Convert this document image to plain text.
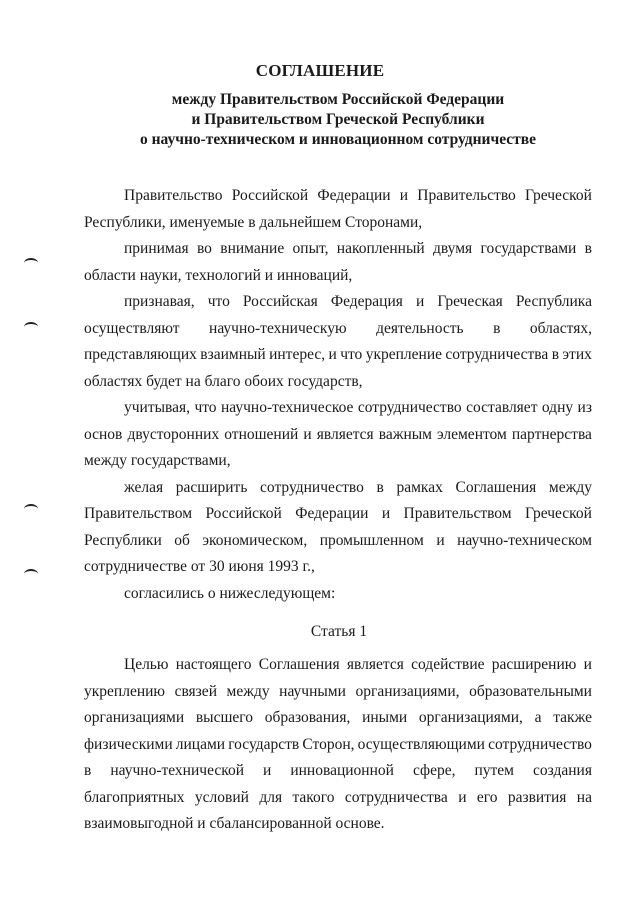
СОГЛАШЕНИЕ
между Правительством Российской Федерации
и Правительством Греческой Республики
о научно-техническом и инновационном сотрудничестве
Правительство Российской Федерации и Правительство Греческой
Республики, именуемые в дальнейшем Сторонами,
принимая во внимание опыт, накопленный двумя государствами в
области науки, технологий и инноваций,
признавая, что Российская Федерация и Греческая Республика
осуществляют научно-техническую деятельность в областях,
представляющих взаимный интерес, и что укрепление сотрудничества в этих
областях будет на благо обоих государств,
учитывая, что научно-техническое сотрудничество составляет одну из
основ двусторонних отношений и является важным элементом партнерства
между государствами,
желая расширить сотрудничество в рамках Соглашения между
Правительством Российской Федерации и Правительством Греческой
Республики об экономическом, промышленном и научно-техническом
сотрудничестве от 30 июня 1993 г.,
согласились о нижеследующем:
Статья 1
Целью настоящего Соглашения является содействие расширению и
укреплению связей между научными организациями, образовательными
организациями высшего образования, иными организациями, а также
физическими лицами государств Сторон, осуществляющими сотрудничество
в научно-технической и инновационной сфере, путем создания
благоприятных условий для такого сотрудничества и его развития на
взаимовыгодной и сбалансированной основе.
